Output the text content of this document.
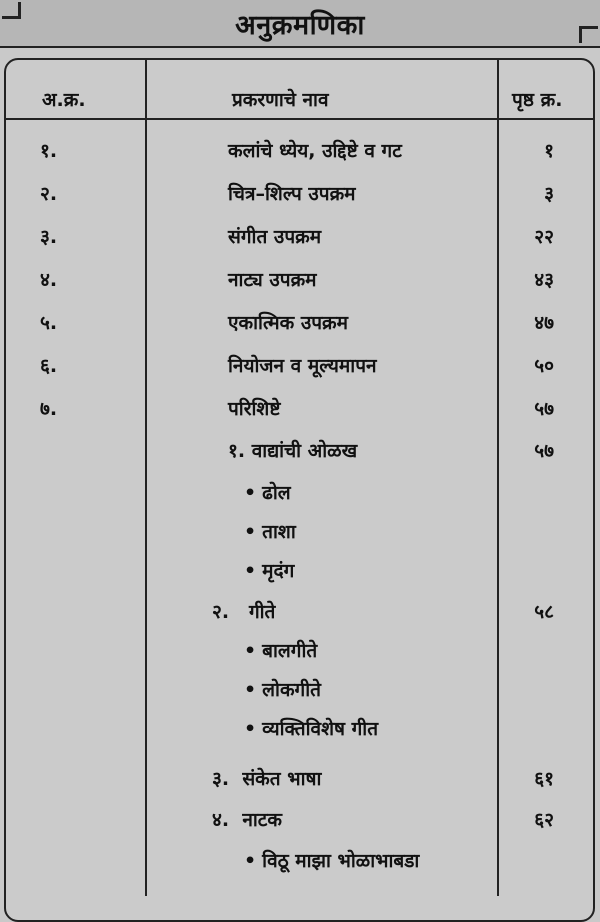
अनुक्रमणिका
अ.क्र.	प्रकरणाचे नाव	पृष्ठ क्र.
१.	कलांचे ध्येय, उद्दिष्टे व गट	१
२.	चित्र–शिल्प उपक्रम	३
३.	संगीत उपक्रम	२२
४.	नाट्य उपक्रम	४३
५.	एकात्मिक उपक्रम	४७
६.	नियोजन व मूल्यमापन	५०
७.	परिशिष्टे	५७
१. वाद्यांची ओळख	५७
• ढोल
• ताशा
• मृदंग
२.   गीते	५८
• बालगीते
• लोकगीते
• व्यक्तिविशेष गीत
३.  संकेत भाषा	६१
४.  नाटक	६२
• विठू माझा भोळाभाबडा
